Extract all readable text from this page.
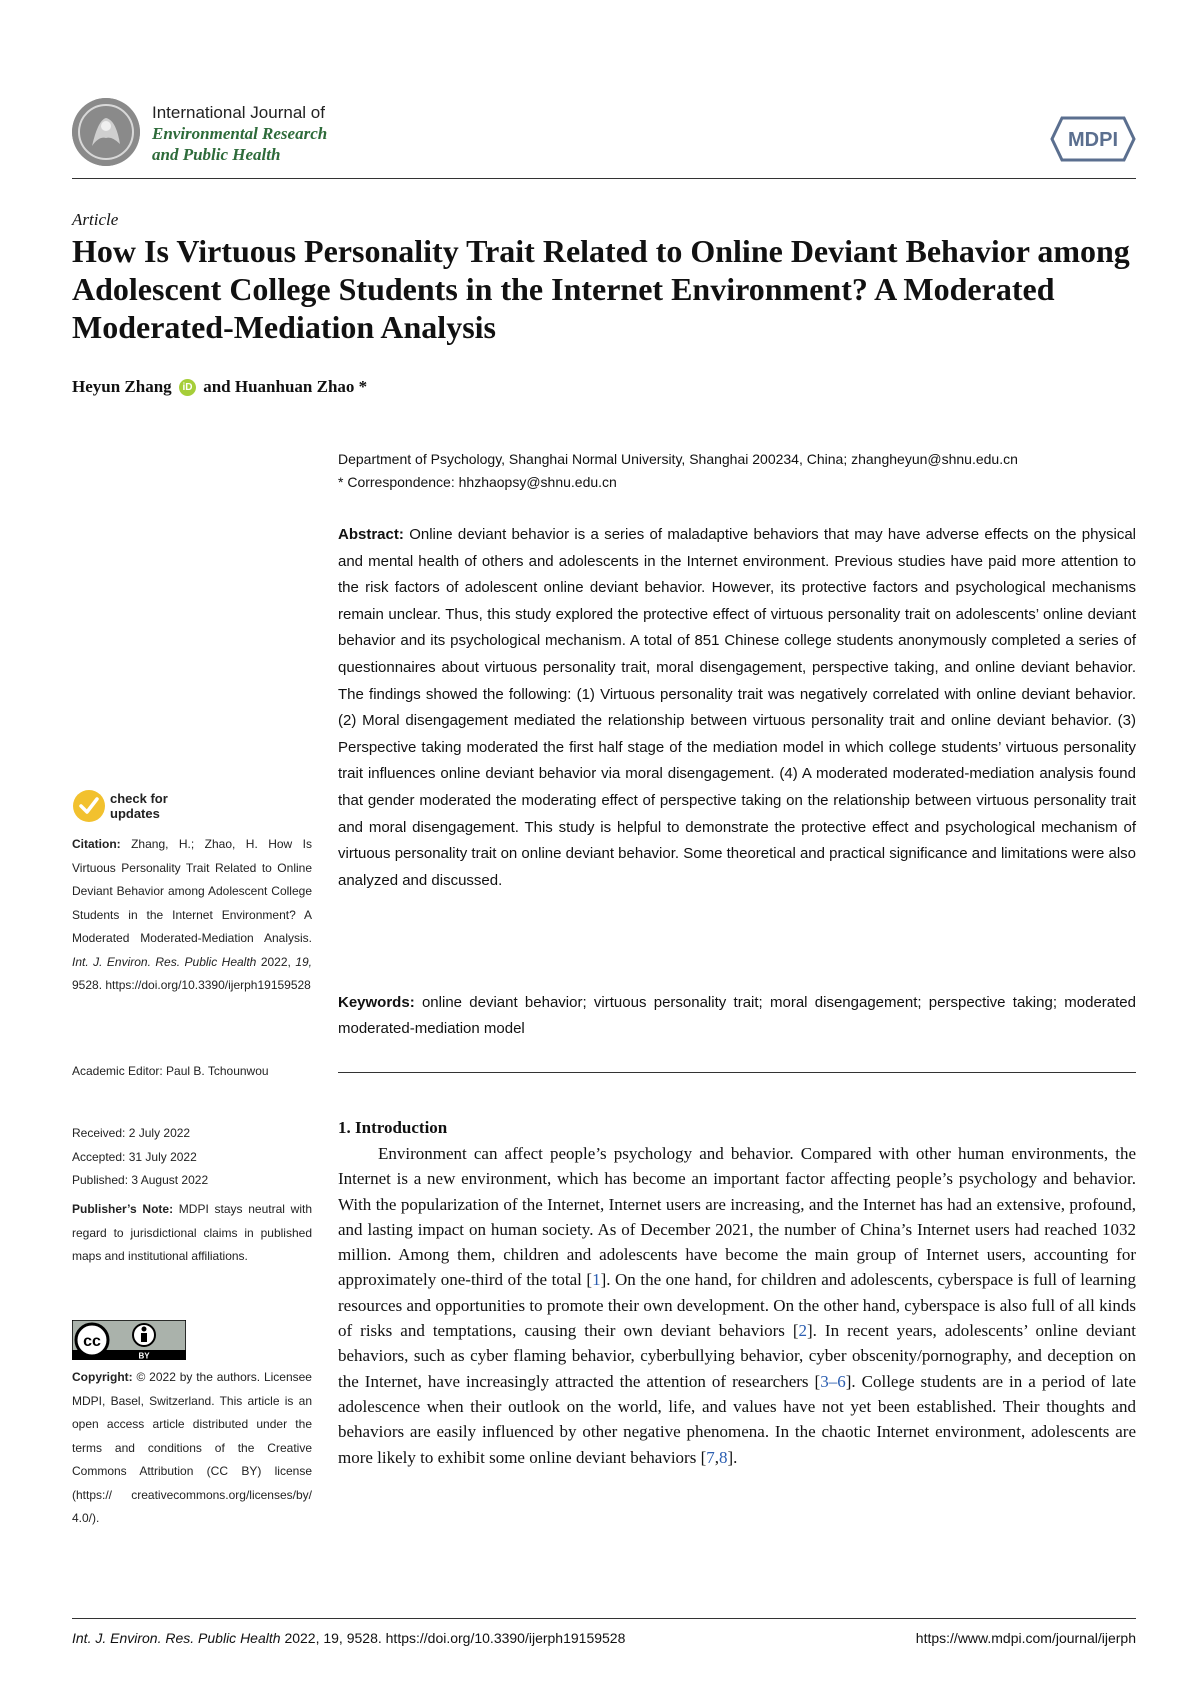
International Journal of
Environmental Research
and Public Health
MDPI
Article
How Is Virtuous Personality Trait Related to Online Deviant Behavior among Adolescent College Students in the Internet Environment? A Moderated Moderated-Mediation Analysis
Heyun Zhang iD and Huanhuan Zhao *
Department of Psychology, Shanghai Normal University, Shanghai 200234, China; zhangheyun@shnu.edu.cn
* Correspondence: hhzhaopsy@shnu.edu.cn
Abstract: Online deviant behavior is a series of maladaptive behaviors that may have adverse effects on the physical and mental health of others and adolescents in the Internet environment. Previous studies have paid more attention to the risk factors of adolescent online deviant behavior. However, its protective factors and psychological mechanisms remain unclear. Thus, this study explored the protective effect of virtuous personality trait on adolescents’ online deviant behavior and its psychological mechanism. A total of 851 Chinese college students anonymously completed a series of questionnaires about virtuous personality trait, moral disengagement, perspective taking, and online deviant behavior. The findings showed the following: (1) Virtuous personality trait was negatively correlated with online deviant behavior. (2) Moral disengagement mediated the relationship between virtuous personality trait and online deviant behavior. (3) Perspective taking moderated the first half stage of the mediation model in which college students’ virtuous personality trait influences online deviant behavior via moral disengagement. (4) A moderated moderated-mediation analysis found that gender moderated the moderating effect of perspective taking on the relationship between virtuous personality trait and moral disengagement. This study is helpful to demonstrate the protective effect and psychological mechanism of virtuous personality trait on online deviant behavior. Some theoretical and practical significance and limitations were also analyzed and discussed.
Keywords: online deviant behavior; virtuous personality trait; moral disengagement; perspective taking; moderated moderated-mediation model
1. Introduction

Environment can affect people’s psychology and behavior. Compared with other human environments, the Internet is a new environment, which has become an important factor affecting people’s psychology and behavior. With the popularization of the Internet, Internet users are increasing, and the Internet has had an extensive, profound, and lasting impact on human society. As of December 2021, the number of China’s Internet users had reached 1032 million. Among them, children and adolescents have become the main group of Internet users, accounting for approximately one-third of the total [1]. On the one hand, for children and adolescents, cyberspace is full of learning resources and opportunities to promote their own development. On the other hand, cyberspace is also full of all kinds of risks and temptations, causing their own deviant behaviors [2]. In recent years, adolescents’ online deviant behaviors, such as cyber flaming behavior, cyberbullying behavior, cyber obscenity/pornography, and deception on the Internet, have increasingly attracted the attention of researchers [3–6]. College students are in a period of late adolescence when their outlook on the world, life, and values have not yet been established. Their thoughts and behaviors are easily influenced by other negative phenomena. In the chaotic Internet environment, adolescents are more likely to exhibit some online deviant behaviors [7,8].

check for
updates
Citation: Zhang, H.; Zhao, H. How Is Virtuous Personality Trait Related to Online Deviant Behavior among Adolescent College Students in the Internet Environment? A Moderated Moderated-Mediation Analysis. Int. J. Environ. Res. Public Health 2022, 19, 9528. https://doi.org/10.3390/ijerph19159528
Academic Editor: Paul B. Tchounwou
Received: 2 July 2022
Accepted: 31 July 2022
Published: 3 August 2022
Publisher’s Note: MDPI stays neutral with regard to jurisdictional claims in published maps and institutional affiliations.
cc
BY
Copyright: © 2022 by the authors. Licensee MDPI, Basel, Switzerland. This article is an open access article distributed under the terms and conditions of the Creative Commons Attribution (CC BY) license (https:// creativecommons.org/licenses/by/ 4.0/).
Int. J. Environ. Res. Public Health 2022, 19, 9528. https://doi.org/10.3390/ijerph19159528	https://www.mdpi.com/journal/ijerph
